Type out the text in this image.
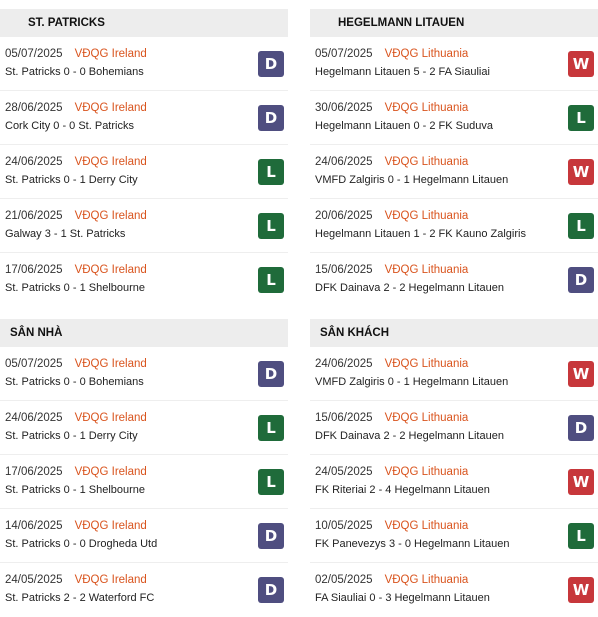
ST. PATRICKS
05/07/2025 VĐQG Ireland
St. Patricks 0 - 0 Bohemians	D
28/06/2025 VĐQG Ireland
Cork City 0 - 0 St. Patricks	D
24/06/2025 VĐQG Ireland
St. Patricks 0 - 1 Derry City	L
21/06/2025 VĐQG Ireland
Galway 3 - 1 St. Patricks	L
17/06/2025 VĐQG Ireland
St. Patricks 0 - 1 Shelbourne	L
SÂN NHÀ
05/07/2025 VĐQG Ireland
St. Patricks 0 - 0 Bohemians	D
24/06/2025 VĐQG Ireland
St. Patricks 0 - 1 Derry City	L
17/06/2025 VĐQG Ireland
St. Patricks 0 - 1 Shelbourne	L
14/06/2025 VĐQG Ireland
St. Patricks 0 - 0 Drogheda Utd	D
24/05/2025 VĐQG Ireland
St. Patricks 2 - 2 Waterford FC	D
HEGELMANN LITAUEN
05/07/2025 VĐQG Lithuania
Hegelmann Litauen 5 - 2 FA Siauliai	W
30/06/2025 VĐQG Lithuania
Hegelmann Litauen 0 - 2 FK Suduva	L
24/06/2025 VĐQG Lithuania
VMFD Zalgiris 0 - 1 Hegelmann Litauen	W
20/06/2025 VĐQG Lithuania
Hegelmann Litauen 1 - 2 FK Kauno Zalgiris	L
15/06/2025 VĐQG Lithuania
DFK Dainava 2 - 2 Hegelmann Litauen	D
SÂN KHÁCH
24/06/2025 VĐQG Lithuania
VMFD Zalgiris 0 - 1 Hegelmann Litauen	W
15/06/2025 VĐQG Lithuania
DFK Dainava 2 - 2 Hegelmann Litauen	D
24/05/2025 VĐQG Lithuania
FK Riteriai 2 - 4 Hegelmann Litauen	W
10/05/2025 VĐQG Lithuania
FK Panevezys 3 - 0 Hegelmann Litauen	L
02/05/2025 VĐQG Lithuania
FA Siauliai 0 - 3 Hegelmann Litauen	W
